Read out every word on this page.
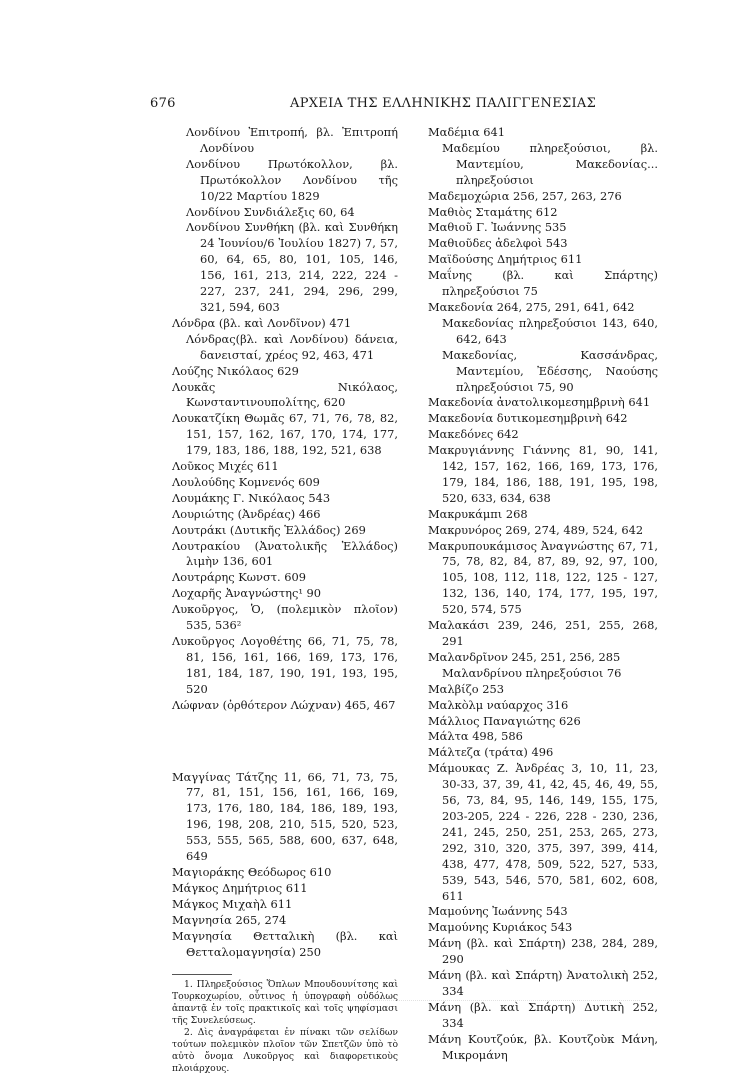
676	ΑΡΧΕΙΑ ΤΗΣ ΕΛΛΗΝΙΚΗΣ ΠΑΛΙΓΓΕΝΕΣΙΑΣ
Λονδίνου Ἐπιτροπή, βλ. Ἐπιτροπή Λονδίνου
Λονδίνου Πρωτόκολλον, βλ. Πρωτόκολλον Λονδίνου τῆς 10/22 Μαρτίου 1829
Λονδίνου Συνδιάλεξις 60, 64
Λονδίνου Συνθήκη (βλ. καὶ Συνθήκη 24 Ἰουνίου/6 Ἰουλίου 1827) 7, 57, 60, 64, 65, 80, 101, 105, 146, 156, 161, 213, 214, 222, 224 - 227, 237, 241, 294, 296, 299, 321, 594, 603
Λόνδρα (βλ. καὶ Λονδῖνον) 471
Λόνδρας(βλ. καὶ Λονδίνου) δάνεια, δανεισταί, χρέος 92, 463, 471
Λούζης Νικόλαος 629
Λουκᾶς Νικόλαος, Κωνσταντινουπολίτης, 620
Λουκατζίκη Θωμᾶς 67, 71, 76, 78, 82, 151, 157, 162, 167, 170, 174, 177, 179, 183, 186, 188, 192, 521, 638
Λοῦκος Μιχές 611
Λουλούδης Κομνενός 609
Λουμάκης Γ. Νικόλαος 543
Λουριώτης (Ἀνδρέας) 466
Λουτράκι (Δυτικῆς Ἑλλάδος) 269
Λουτρακίου (Ἀνατολικῆς Ἑλλάδος) λιμὴν 136, 601
Λουτράρης Κωνστ. 609
Λοχαρῆς Ἀναγνώστης¹ 90
Λυκοῦργος, Ὁ, (πολεμικὸν πλοῖον) 535, 536²
Λυκοῦργος Λογοθέτης 66, 71, 75, 78, 81, 156, 161, 166, 169, 173, 176, 181, 184, 187, 190, 191, 193, 195, 520
Λώφναν (ὀρθότερον Λώχναν) 465, 467
Μαγγίνας Τάτζης 11, 66, 71, 73, 75, 77, 81, 151, 156, 161, 166, 169, 173, 176, 180, 184, 186, 189, 193, 196, 198, 208, 210, 515, 520, 523, 553, 555, 565, 588, 600, 637, 648, 649
Μαγιοράκης Θεόδωρος 610
Μάγκος Δημήτριος 611
Μάγκος Μιχαὴλ 611
Μαγνησία 265, 274
Μαγνησία Θετταλικὴ (βλ. καὶ Θετταλομαγνησία) 250
1. Πληρεξούσιος Ὅπλων Μπουδουνίτσης καὶ Τουρκοχωρίου, οὗτινος ἡ ὑπογραφὴ οὐδόλως ἀπαντᾷ ἐν τοῖς πρακτικοῖς καὶ τοῖς ψηφίσμασι τῆς Συνελεύσεως.
2. Δὶς ἀναγράφεται ἐν πίνακι τῶν σελίδων τούτων πολεμικὸν πλοῖον τῶν Σπετζῶν ὑπὸ τὸ αὐτὸ ὄνομα Λυκοῦργος καὶ διαφορετικοὺς πλοιάρχους.
Μαδέμια 641
Μαδεμίου πληρεξούσιοι, βλ. Μαντεμίου, Μακεδονίας... πληρεξούσιοι
Μαδεμοχώρια 256, 257, 263, 276
Μαθιὸς Σταμάτης 612
Μαθιοῦ Γ. Ἰωάννης 535
Μαθιοῦδες ἀδελφοὶ 543
Μαϊδούσης Δημήτριος 611
Μαΐνης (βλ. καὶ Σπάρτης) πληρεξούσιοι 75
Μακεδονία 264, 275, 291, 641, 642
Μακεδονίας πληρεξούσιοι 143, 640, 642, 643
Μακεδονίας, Κασσάνδρας, Μαντεμίου, Ἐδέσσης, Ναούσης πληρεξούσιοι 75, 90
Μακεδονία ἀνατολικομεσημβρινὴ 641
Μακεδονία δυτικομεσημβρινὴ 642
Μακεδόνες 642
Μακρυγιάννης Γιάννης 81, 90, 141, 142, 157, 162, 166, 169, 173, 176, 179, 184, 186, 188, 191, 195, 198, 520, 633, 634, 638
Μακρυκάμπι 268
Μακρυνόρος 269, 274, 489, 524, 642
Μακρυπουκάμισος Ἀναγνώστης 67, 71, 75, 78, 82, 84, 87, 89, 92, 97, 100, 105, 108, 112, 118, 122, 125 - 127, 132, 136, 140, 174, 177, 195, 197, 520, 574, 575
Μαλακάσι 239, 246, 251, 255, 268, 291
Μαλανδρῖνον 245, 251, 256, 285
Μαλανδρίνου πληρεξούσιοι 76
Μαλβίζο 253
Μαλκὸλμ ναύαρχος 316
Μάλλιος Παναγιώτης 626
Μάλτα 498, 586
Μάλτεζα (τράτα) 496
Μάμουκας Ζ. Ἀνδρέας 3, 10, 11, 23, 30-33, 37, 39, 41, 42, 45, 46, 49, 55, 56, 73, 84, 95, 146, 149, 155, 175, 203-205, 224 - 226, 228 - 230, 236, 241, 245, 250, 251, 253, 265, 273, 292, 310, 320, 375, 397, 399, 414, 438, 477, 478, 509, 522, 527, 533, 539, 543, 546, 570, 581, 602, 608, 611
Μαμούνης Ἰωάννης 543
Μαμούνης Κυριάκος 543
Μάνη (βλ. καὶ Σπάρτη) 238, 284, 289, 290
Μάνη (βλ. καὶ Σπάρτη) Ἀνατολικὴ 252, 334
Μάνη (βλ. καὶ Σπάρτη) Δυτικὴ 252, 334
Μάνη Κουτζούκ, βλ. Κουτζοὺκ Μάνη, Μικρομάνη
